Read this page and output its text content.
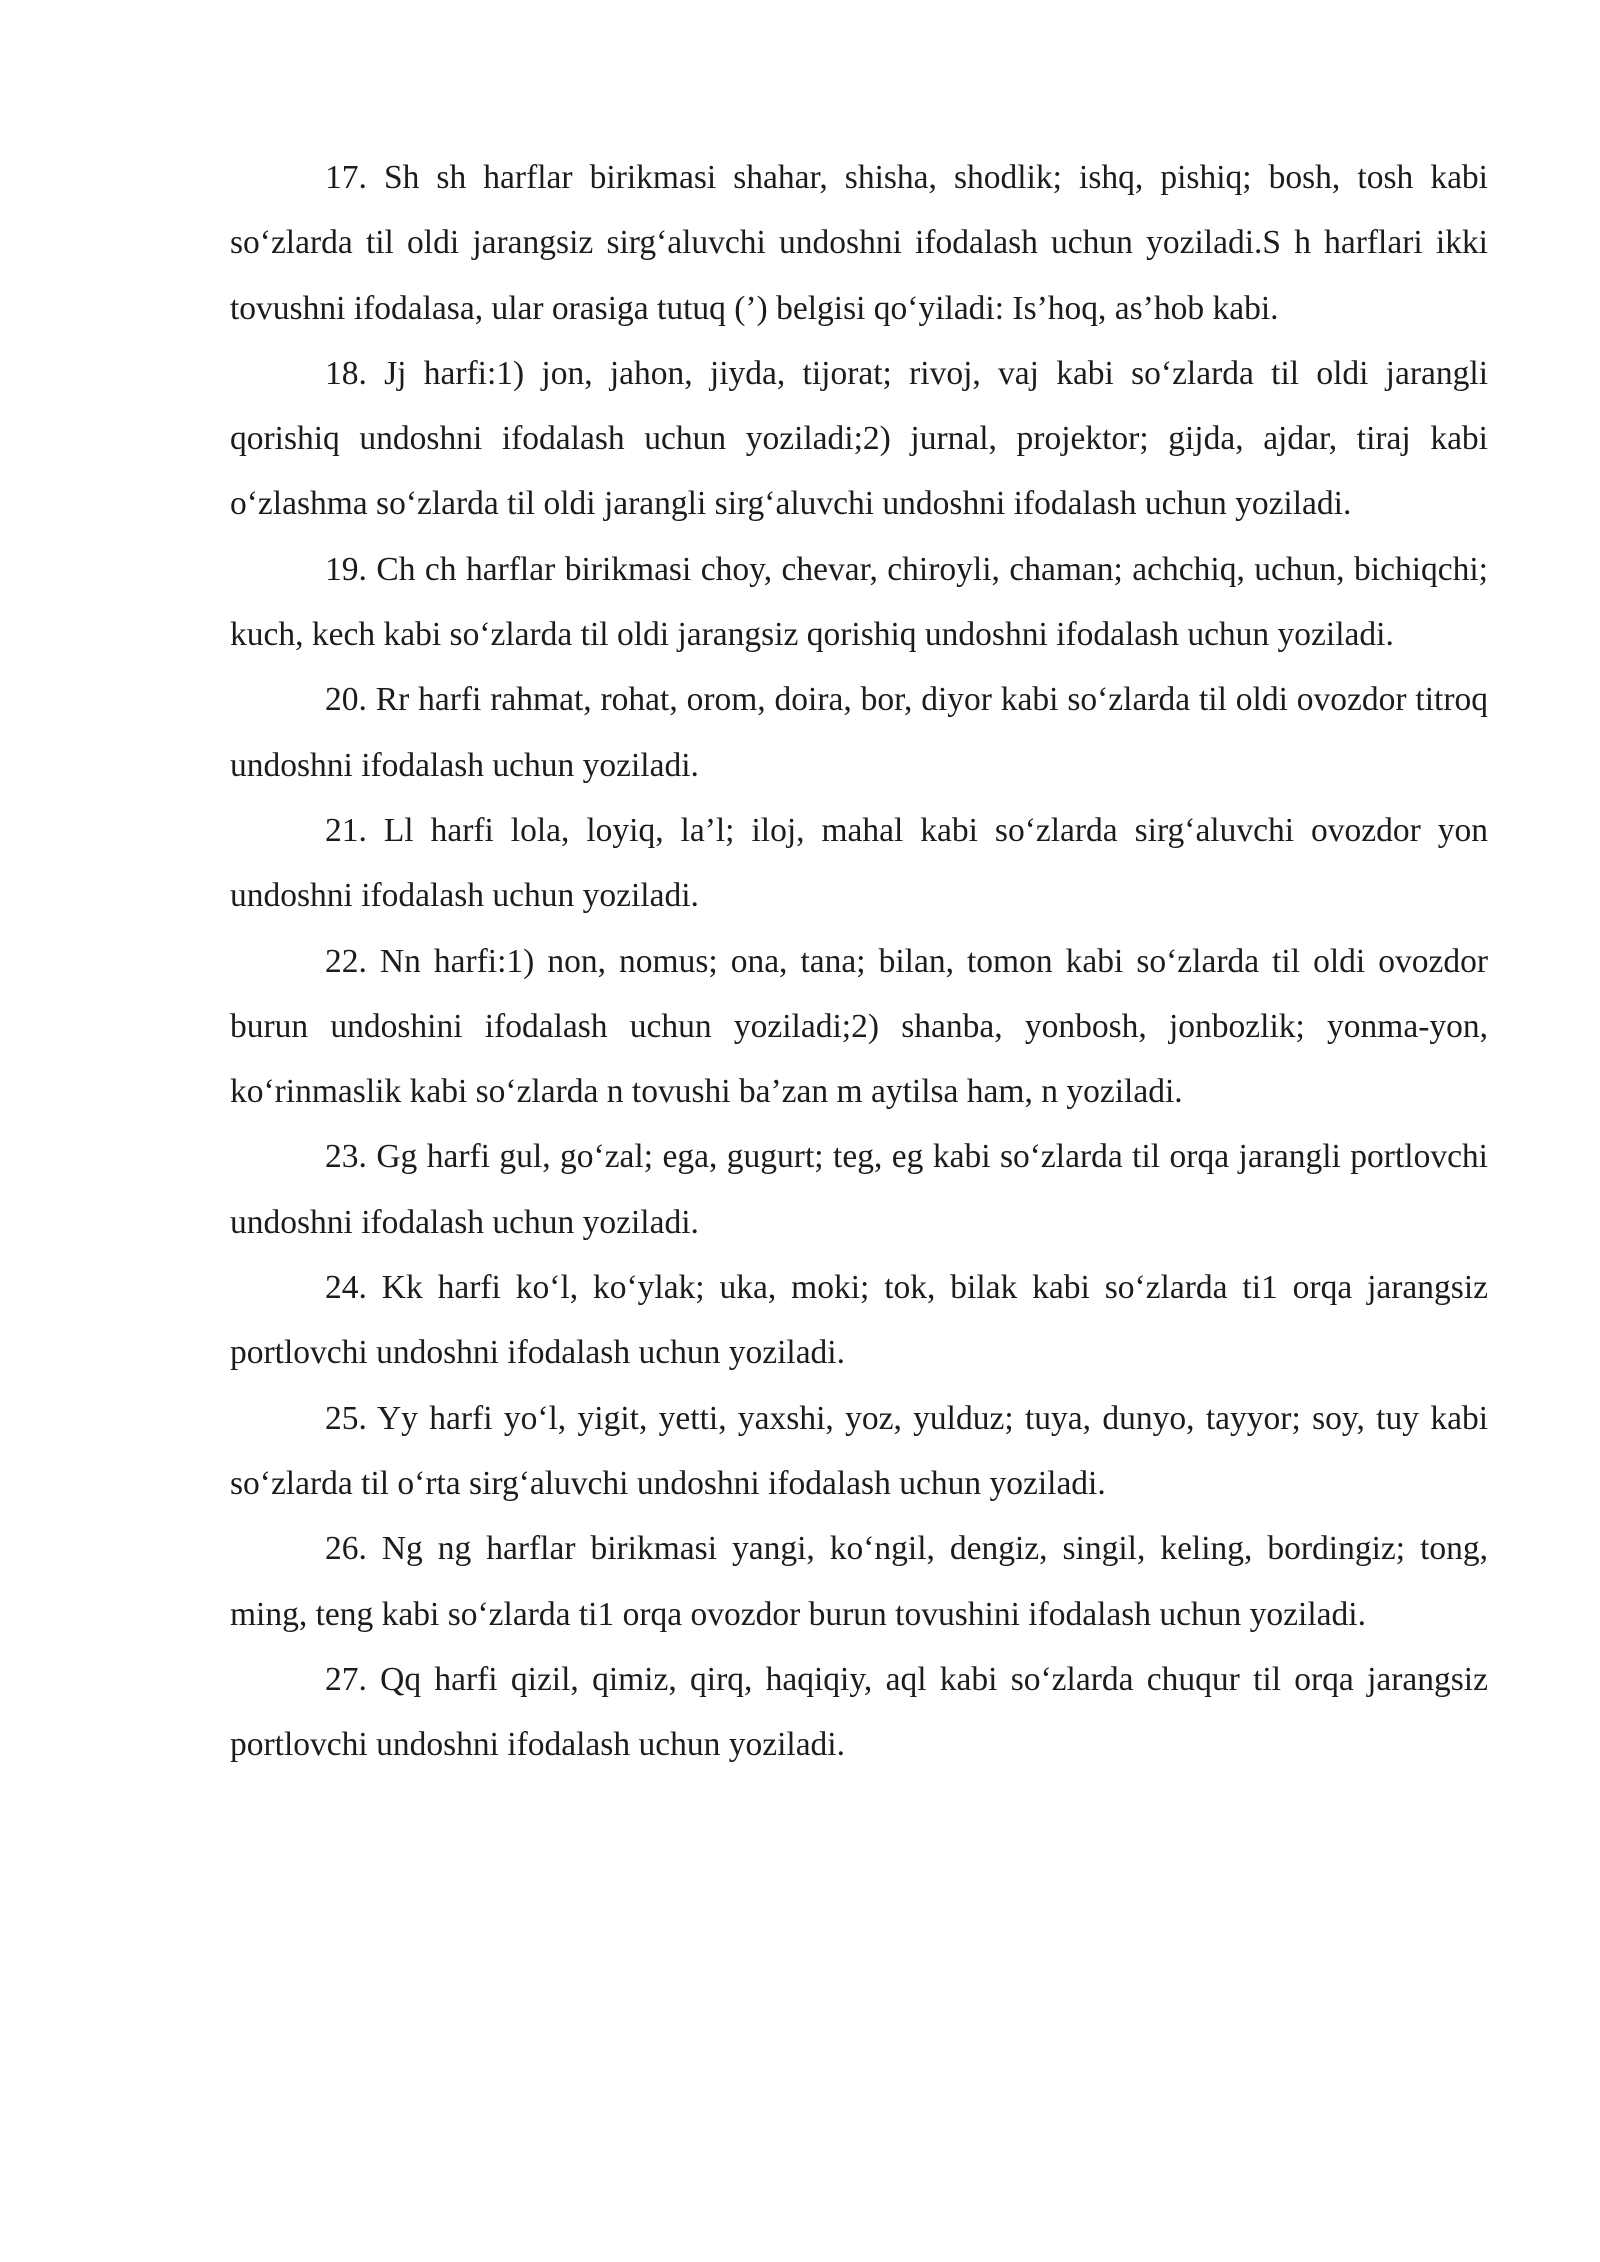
17. Sh sh harflar birikmasi shahar, shisha, shodlik; ishq, pishiq; bosh, tosh kabi so‘zlarda til oldi jarangsiz sirg‘aluvchi undoshni ifodalash uchun yoziladi.S h harflari ikki tovushni ifodalasa, ular orasiga tutuq (’) belgisi qo‘yiladi: Is’hoq, as’hob kabi.

18. Jj harfi:1) jon, jahon, jiyda, tijorat; rivoj, vaj kabi so‘zlarda til oldi jarangli qorishiq undoshni ifodalash uchun yoziladi;2) jurnal, projektor; gijda, ajdar, tiraj kabi o‘zlashma so‘zlarda til oldi jarangli sirg‘aluvchi undoshni ifodalash uchun yoziladi.

19. Ch ch harflar birikmasi choy, chevar, chiroyli, chaman; achchiq, uchun, bichiqchi; kuch, kech kabi so‘zlarda til oldi jarangsiz qorishiq undoshni ifodalash uchun yoziladi.

20. Rr harfi rahmat, rohat, orom, doira, bor, diyor kabi so‘zlarda til oldi ovozdor titroq undoshni ifodalash uchun yoziladi.

21. Ll harfi lola, loyiq, la’l; iloj, mahal kabi so‘zlarda sirg‘aluvchi ovozdor yon undoshni ifodalash uchun yoziladi.

22. Nn harfi:1) non, nomus; ona, tana; bilan, tomon kabi so‘zlarda til oldi ovozdor burun undoshini ifodalash uchun yoziladi;2) shanba, yonbosh, jonbozlik; yonma-yon, ko‘rinmaslik kabi so‘zlarda n tovushi ba’zan m aytilsa ham, n yoziladi.

23. Gg harfi gul, go‘zal; ega, gugurt; teg, eg kabi so‘zlarda til orqa jarangli portlovchi undoshni ifodalash uchun yoziladi.

24. Kk harfi ko‘l, ko‘ylak; uka, moki; tok, bilak kabi so‘zlarda ti1 orqa jarangsiz portlovchi undoshni ifodalash uchun yoziladi.

25. Yy harfi yo‘l, yigit, yetti, yaxshi, yoz, yulduz; tuya, dunyo, tayyor; soy, tuy kabi so‘zlarda til o‘rta sirg‘aluvchi undoshni ifodalash uchun yoziladi.

26. Ng ng harflar birikmasi yangi, ko‘ngil, dengiz, singil, keling, bordingiz; tong, ming, teng kabi so‘zlarda ti1 orqa ovozdor burun tovushini ifodalash uchun yoziladi.

27. Qq harfi qizil, qimiz, qirq, haqiqiy, aql kabi so‘zlarda chuqur til orqa jarangsiz portlovchi undoshni ifodalash uchun yoziladi.
